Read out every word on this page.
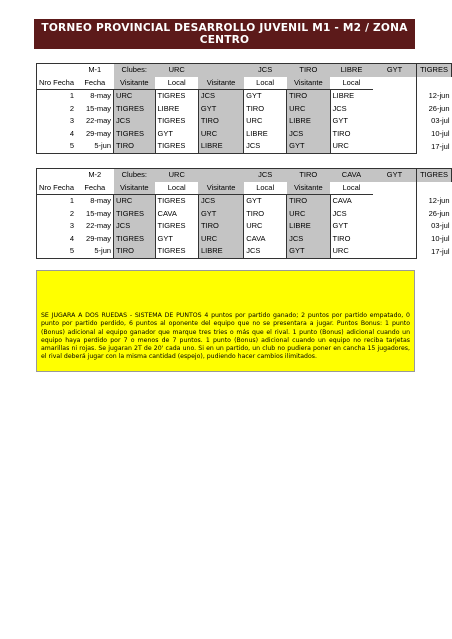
TORNEO PROVINCIAL DESARROLLO JUVENIL M1 - M2 / ZONA CENTRO
	M-1	Clubes:	URC		JCS	TIRO	LIBRE	GYT	TIGRES
Nro Fecha	Fecha	Visitante	Local	Visitante	Local	Visitante	Local		
1	8-may	URC	TIGRES	JCS	GYT	TIRO	LIBRE		12-jun
2	15-may	TIGRES	LIBRE	GYT	TIRO	URC	JCS		26-jun
3	22-may	JCS	TIGRES	TIRO	URC	LIBRE	GYT		03-jul
4	29-may	TIGRES	GYT	URC	LIBRE	JCS	TIRO		10-jul
5	5-jun	TIRO	TIGRES	LIBRE	JCS	GYT	URC		17-jul
	M-2	Clubes:	URC		JCS	TIRO	CAVA	GYT	TIGRES
Nro Fecha	Fecha	Visitante	Local	Visitante	Local	Visitante	Local		
1	8-may	URC	TIGRES	JCS	GYT	TIRO	CAVA		12-jun
2	15-may	TIGRES	CAVA	GYT	TIRO	URC	JCS		26-jun
3	22-may	JCS	TIGRES	TIRO	URC	LIBRE	GYT		03-jul
4	29-may	TIGRES	GYT	URC	CAVA	JCS	TIRO		10-jul
5	5-jun	TIRO	TIGRES	LIBRE	JCS	GYT	URC		17-jul
SE JUGARA A DOS RUEDAS - SISTEMA DE PUNTOS 4 puntos por partido ganado; 2 puntos por partido empatado, 0 punto por partido perdido, 6 puntos al oponente del equipo que no se presentara a jugar. Puntos Bonus: 1 punto (Bonus) adicional al equipo ganador que marque tres tries o más que el rival. 1 punto (Bonus) adicional cuando un equipo haya perdido por 7 o menos de 7 puntos. 1 punto (Bonus) adicional cuando un equipo no reciba tarjetas amarillas ni rojas. Se jugaran 2T de 20' cada uno. Si en un partido, un club no pudiera poner en cancha 15 jugadores, el rival deberá jugar con la misma cantidad (espejo), pudiendo hacer cambios ilimitados.
